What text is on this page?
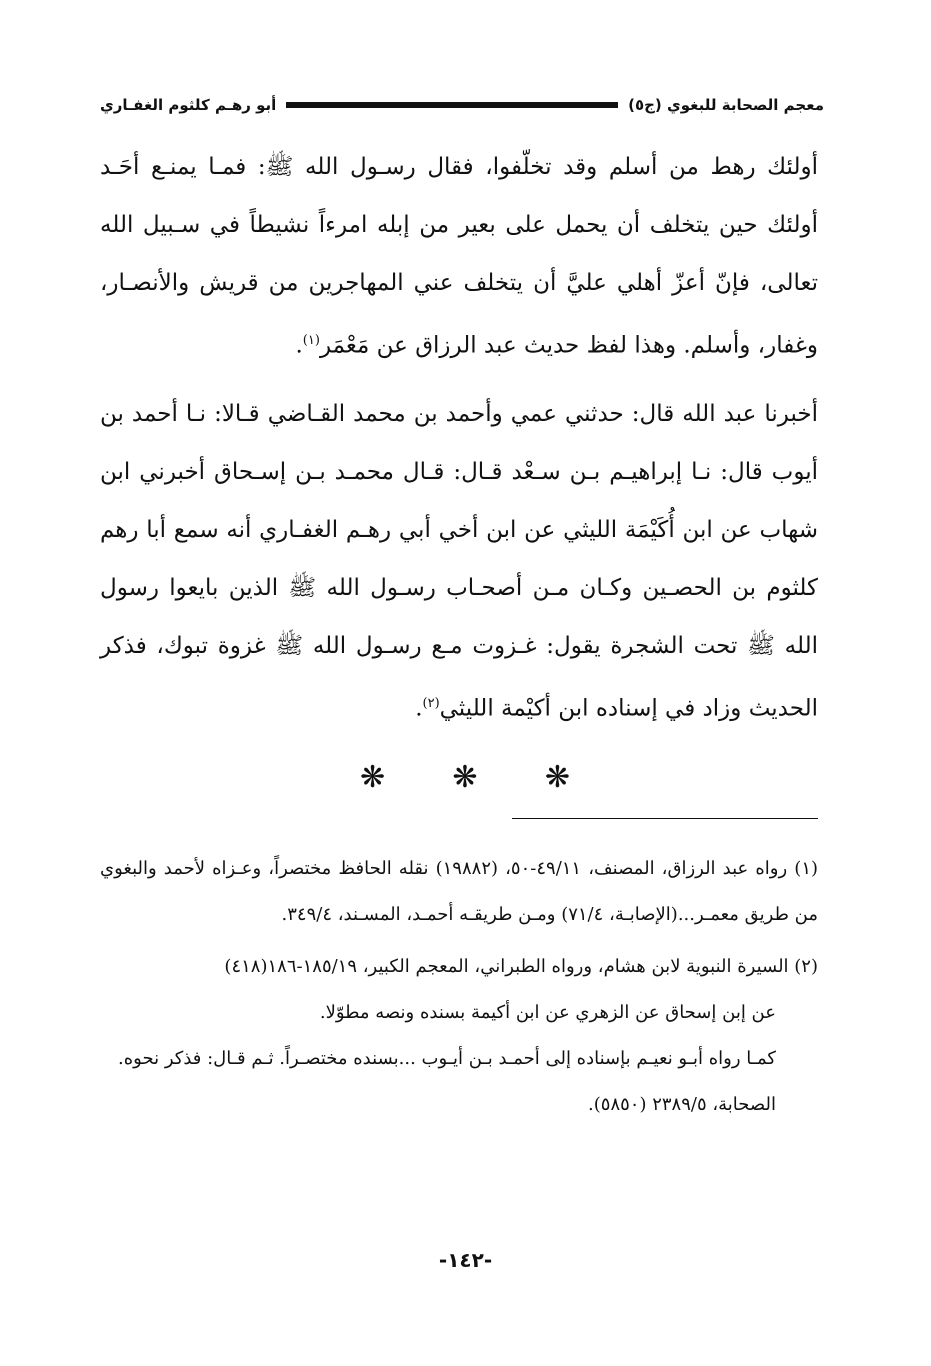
معجم الصحابة للبغوي (ج٥)
أبو رهـم كلثوم الغفـاري

أولئك رهط من أسلم وقد تخلّفوا، فقال رسـول الله ﷺ: فمـا يمنـع أحَـد أولئك حين يتخلف أن يحمل على بعير من إبله امرءاً نشيطاً في سـبيل الله تعالى، فإنّ أعزّ أهلي عليَّ أن يتخلف عني المهاجرين من قريش والأنصـار، وغفار، وأسلم. وهذا لفظ حديث عبد الرزاق عن مَعْمَر$^{(١)}$.

أخبرنا عبد الله قال: حدثني عمي وأحمد بن محمد القـاضي قـالا: نـا أحمد بن أيوب قال: نـا إبراهيـم بـن سـعْد قـال: قـال محمـد بـن إسـحاق أخبرني ابن شهاب عن ابن أُكَيْمَة الليثي عن ابن أخي أبي رهـم الغفـاري أنه سمع أبا رهم كلثوم بن الحصـين وكـان مـن أصحـاب رسـول الله ﷺ الذين بايعوا رسول الله ﷺ تحت الشجرة يقول: غـزوت مـع رسـول الله ﷺ غزوة تبوك، فذكر الحديث وزاد في إسناده ابن أكيْمة الليثي$^{(٢)}$.

❋ ❋ ❋

(١) رواه عبد الرزاق، المصنف، ٤٩/١١-٥٠، (١٩٨٨٢) نقله الحافظ مختصراً، وعـزاه لأحمد والبغوي من طريق معمـر...(الإصابـة، ٧١/٤) ومـن طريقـه أحمـد، المسـند، ٣٤٩/٤.

(٢) السيرة النبوية لابن هشام، ورواه الطبراني، المعجم الكبير، ١٨٥/١٩-١٨٦(٤١٨)

عن إبن إسحاق عن الزهري عن ابن أكيمة بسنده ونصه مطوّلا.

كمـا رواه أبـو نعيـم بإسناده إلى أحمـد بـن أيـوب ...بسنده مختصـراً. ثـم قـال: فذكر نحوه.

الصحابة، ٢٣٨٩/٥ (٥٨٥٠).

-١٤٢-
